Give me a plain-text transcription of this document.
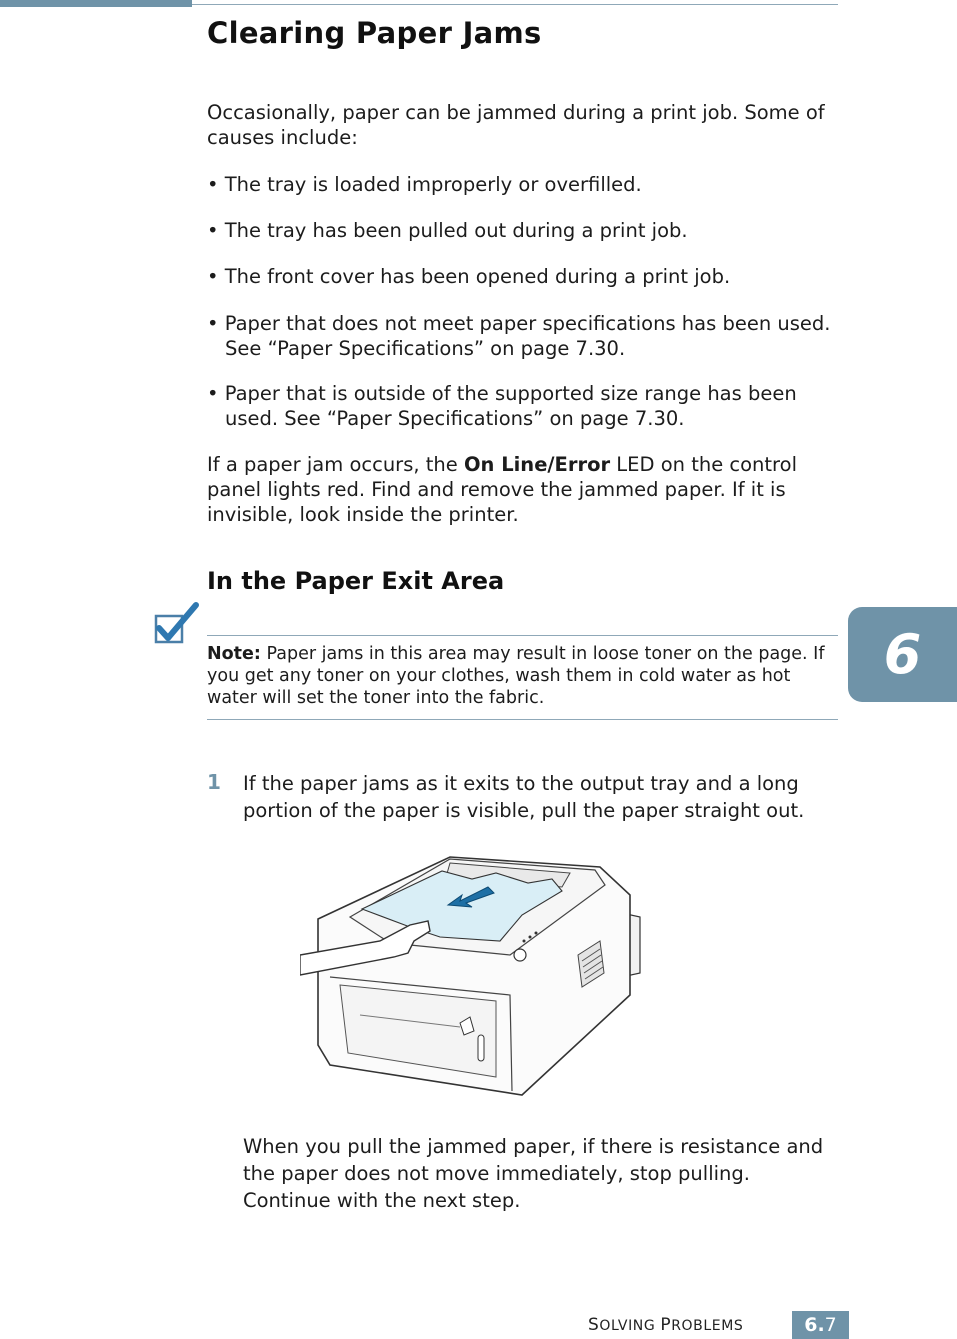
Clearing Paper Jams
Occasionally, paper can be jammed during a print job. Some of causes include:
• The tray is loaded improperly or overfilled.
• The tray has been pulled out during a print job.
• The front cover has been opened during a print job.
• Paper that does not meet paper specifications has been used.
See “Paper Specifications” on page 7.30.
• Paper that is outside of the supported size range has been
used. See “Paper Specifications” on page 7.30.
If a paper jam occurs, the On Line/Error LED on the control panel lights red. Find and remove the jammed paper. If it is invisible, look inside the printer.
In the Paper Exit Area
Note: Paper jams in this area may result in loose toner on the page. If you get any toner on your clothes, wash them in cold water as hot water will set the toner into the fabric.
1 If the paper jams as it exits to the output tray and a long portion of the paper is visible, pull the paper straight out.
When you pull the jammed paper, if there is resistance and the paper does not move immediately, stop pulling. Continue with the next step.
6
SOLVING PROBLEMS	6. 7
